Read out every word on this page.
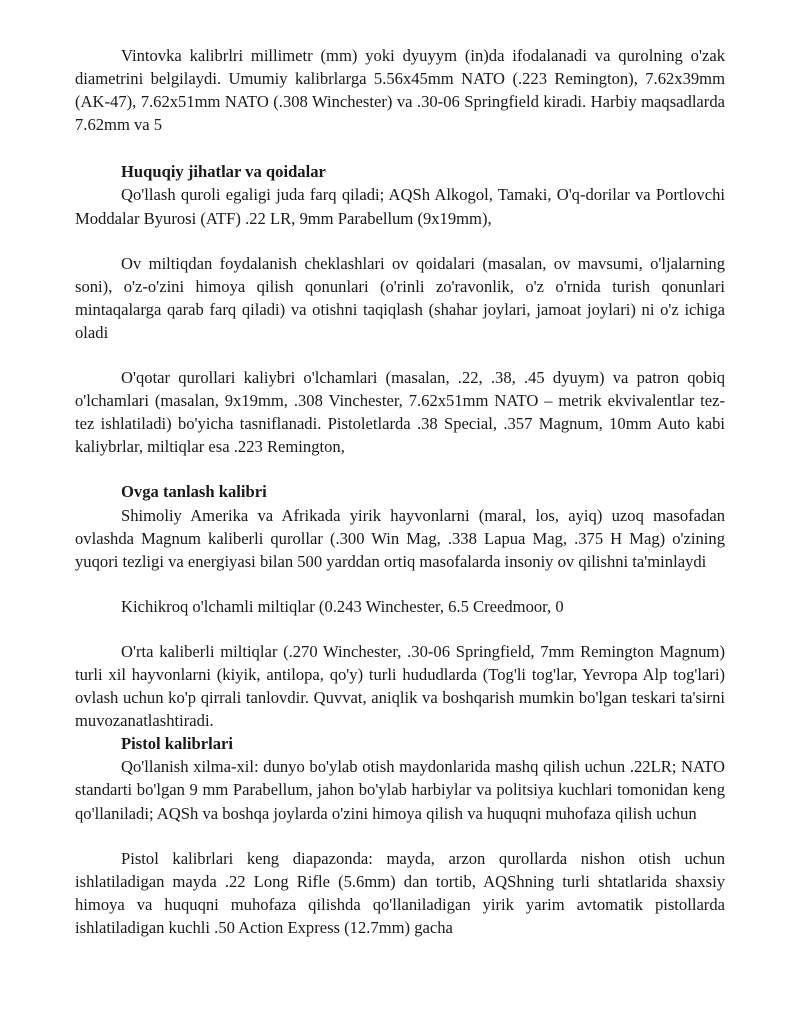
Vintovka kalibrlri millimetr (mm) yoki dyuyym (in)da ifodalanadi va qurolning o'zak diametrini belgilaydi. Umumiy kalibrlarga 5.56x45mm NATO (.223 Remington), 7.62x39mm (AK-47), 7.62x51mm NATO (.308 Winchester) va .30-06 Springfield kiradi. Harbiy maqsadlarda 7.62mm va 5

Huquqiy jihatlar va qoidalar

Qo'llash quroli egaligi juda farq qiladi; AQSh Alkogol, Tamaki, O'q-dorilar va Portlovchi Moddalar Byurosi (ATF) .22 LR, 9mm Parabellum (9x19mm),

Ov miltiqdan foydalanish cheklashlari ov qoidalari (masalan, ov mavsumi, o'ljalarning soni), o'z-o'zini himoya qilish qonunlari (o'rinli zo'ravonlik, o'z o'rnida turish qonunlari mintaqalarga qarab farq qiladi) va otishni taqiqlash (shahar joylari, jamoat joylari) ni o'z ichiga oladi

O'qotar qurollari kaliybri o'lchamlari (masalan, .22, .38, .45 dyuym) va patron qobiq o'lchamlari (masalan, 9x19mm, .308 Vinchester, 7.62x51mm NATO – metrik ekvivalentlar tez-tez ishlatiladi) bo'yicha tasniflanadi. Pistoletlarda .38 Special, .357 Magnum, 10mm Auto kabi kaliybrlar, miltiqlar esa .223 Remington,

Ovga tanlash kalibri

Shimoliy Amerika va Afrikada yirik hayvonlarni (maral, los, ayiq) uzoq masofadan ovlashda Magnum kaliberli qurollar (.300 Win Mag, .338 Lapua Mag, .375 H Mag) o'zining yuqori tezligi va energiyasi bilan 500 yarddan ortiq masofalarda insoniy ov qilishni ta'minlaydi

Kichikroq o'lchamli miltiqlar (0.243 Winchester, 6.5 Creedmoor, 0

O'rta kaliberli miltiqlar (.270 Winchester, .30-06 Springfield, 7mm Remington Magnum) turli xil hayvonlarni (kiyik, antilopa, qo'y) turli hududlarda (Tog'li tog'lar, Yevropa Alp tog'lari) ovlash uchun ko'p qirrali tanlovdir. Quvvat, aniqlik va boshqarish mumkin bo'lgan teskari ta'sirni muvozanatlashtiradi.

Pistol kalibrlari

Qo'llanish xilma-xil: dunyo bo'ylab otish maydonlarida mashq qilish uchun .22LR; NATO standarti bo'lgan 9 mm Parabellum, jahon bo'ylab harbiylar va politsiya kuchlari tomonidan keng qo'llaniladi; AQSh va boshqa joylarda o'zini himoya qilish va huquqni muhofaza qilish uchun

Pistol kalibrlari keng diapazonda: mayda, arzon qurollarda nishon otish uchun ishlatiladigan mayda .22 Long Rifle (5.6mm) dan tortib, AQShning turli shtatlarida shaxsiy himoya va huquqni muhofaza qilishda qo'llaniladigan yirik yarim avtomatik pistollarda ishlatiladigan kuchli .50 Action Express (12.7mm) gacha
